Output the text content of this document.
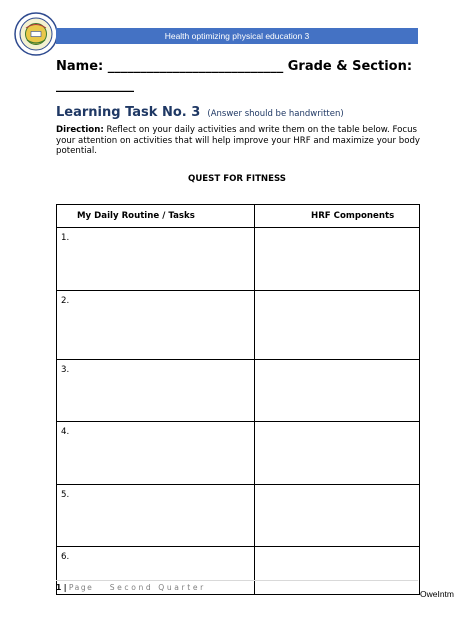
Health optimizing physical education 3
Name: ___________________________ Grade & Section: ____________
Learning Task No. 3 (Answer should be handwritten)
Direction: Reflect on your daily activities and write them on the table below. Focus your attention on activities that will help improve your HRF and maximize your body potential.
QUEST FOR FITNESS
My Daily Routine / Tasks	HRF Components
1.	
2.	
3.	
4.	
5.	
6.	
1 | Page Second Quarter
OweIntm
